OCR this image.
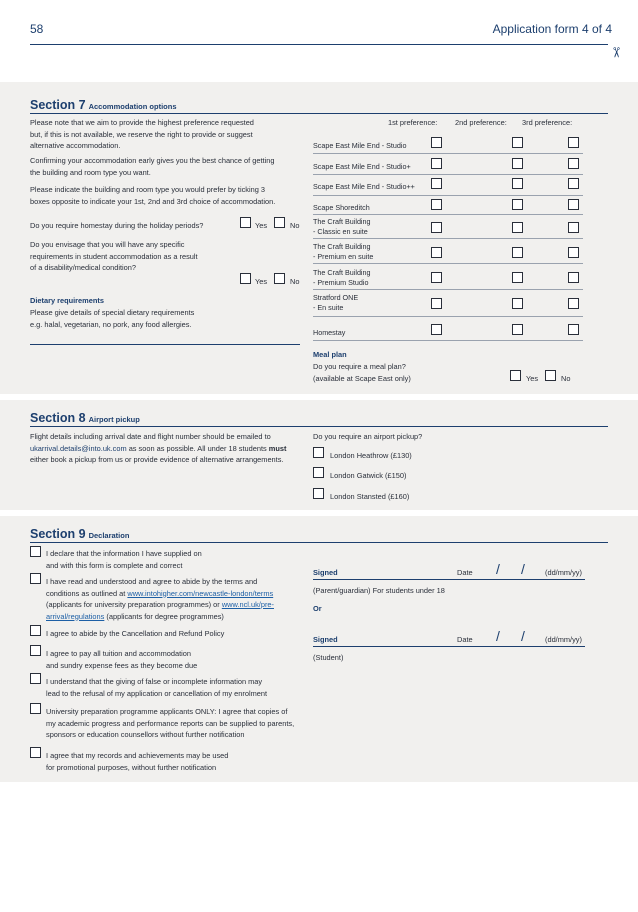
58	Application form 4 of 4
✂
Section 7 Accommodation options
Please note that we aim to provide the highest preference requested
but, if this is not available, we reserve the right to provide or suggest
alternative accommodation.
Confirming your accommodation early gives you the best chance of getting
the building and room type you want.
Please indicate the building and room type you would prefer by ticking 3
boxes opposite to indicate your 1st, 2nd and 3rd choice of accommodation.
Do you require homestay during the holiday periods?	Yes	No
Do you envisage that you will have any specific
requirements in student accommodation as a result
of a disability/medical condition?
Yes	No
Dietary requirements
Please give details of special dietary requirements
e.g. halal, vegetarian, no pork, any food allergies.
1st preference: 2nd preference: 3rd preference:
Scape East Mile End - Studio
Scape East Mile End - Studio+
Scape East Mile End - Studio++
Scape Shoreditch
The Craft Building
- Classic en suite
The Craft Building
- Premium en suite
The Craft Building
- Premium Studio
Stratford ONE
- En suite
Homestay
Meal plan
Do you require a meal plan?
(available at Scape East only)	Yes	No
Section 8 Airport pickup
Flight details including arrival date and flight number should be emailed to
ukarrival.details@into.uk.com as soon as possible. All under 18 students must
either book a pickup from us or provide evidence of alternative arrangements.
Do you require an airport pickup?
London Heathrow (£130)
London Gatwick (£150)
London Stansted (£160)
Section 9 Declaration
I declare that the information I have supplied on
and with this form is complete and correct
I have read and understood and agree to abide by the terms and
conditions as outlined at www.intohigher.com/newcastle-london/terms
(applicants for university preparation programmes) or www.ncl.uk/pre-
arrival/regulations (applicants for degree programmes)
I agree to abide by the Cancellation and Refund Policy
I agree to pay all tuition and accommodation
and sundry expense fees as they become due
I understand that the giving of false or incomplete information may
lead to the refusal of my application or cancellation of my enrolment
University preparation programme applicants ONLY: I agree that copies of
my academic progress and performance reports can be supplied to parents,
sponsors or education counsellors without further notification
I agree that my records and achievements may be used
for promotional purposes, without further notification
Signed	Date / /	(dd/mm/yy)
(Parent/guardian) For students under 18
Or
Signed	Date / /	(dd/mm/yy)
(Student)
